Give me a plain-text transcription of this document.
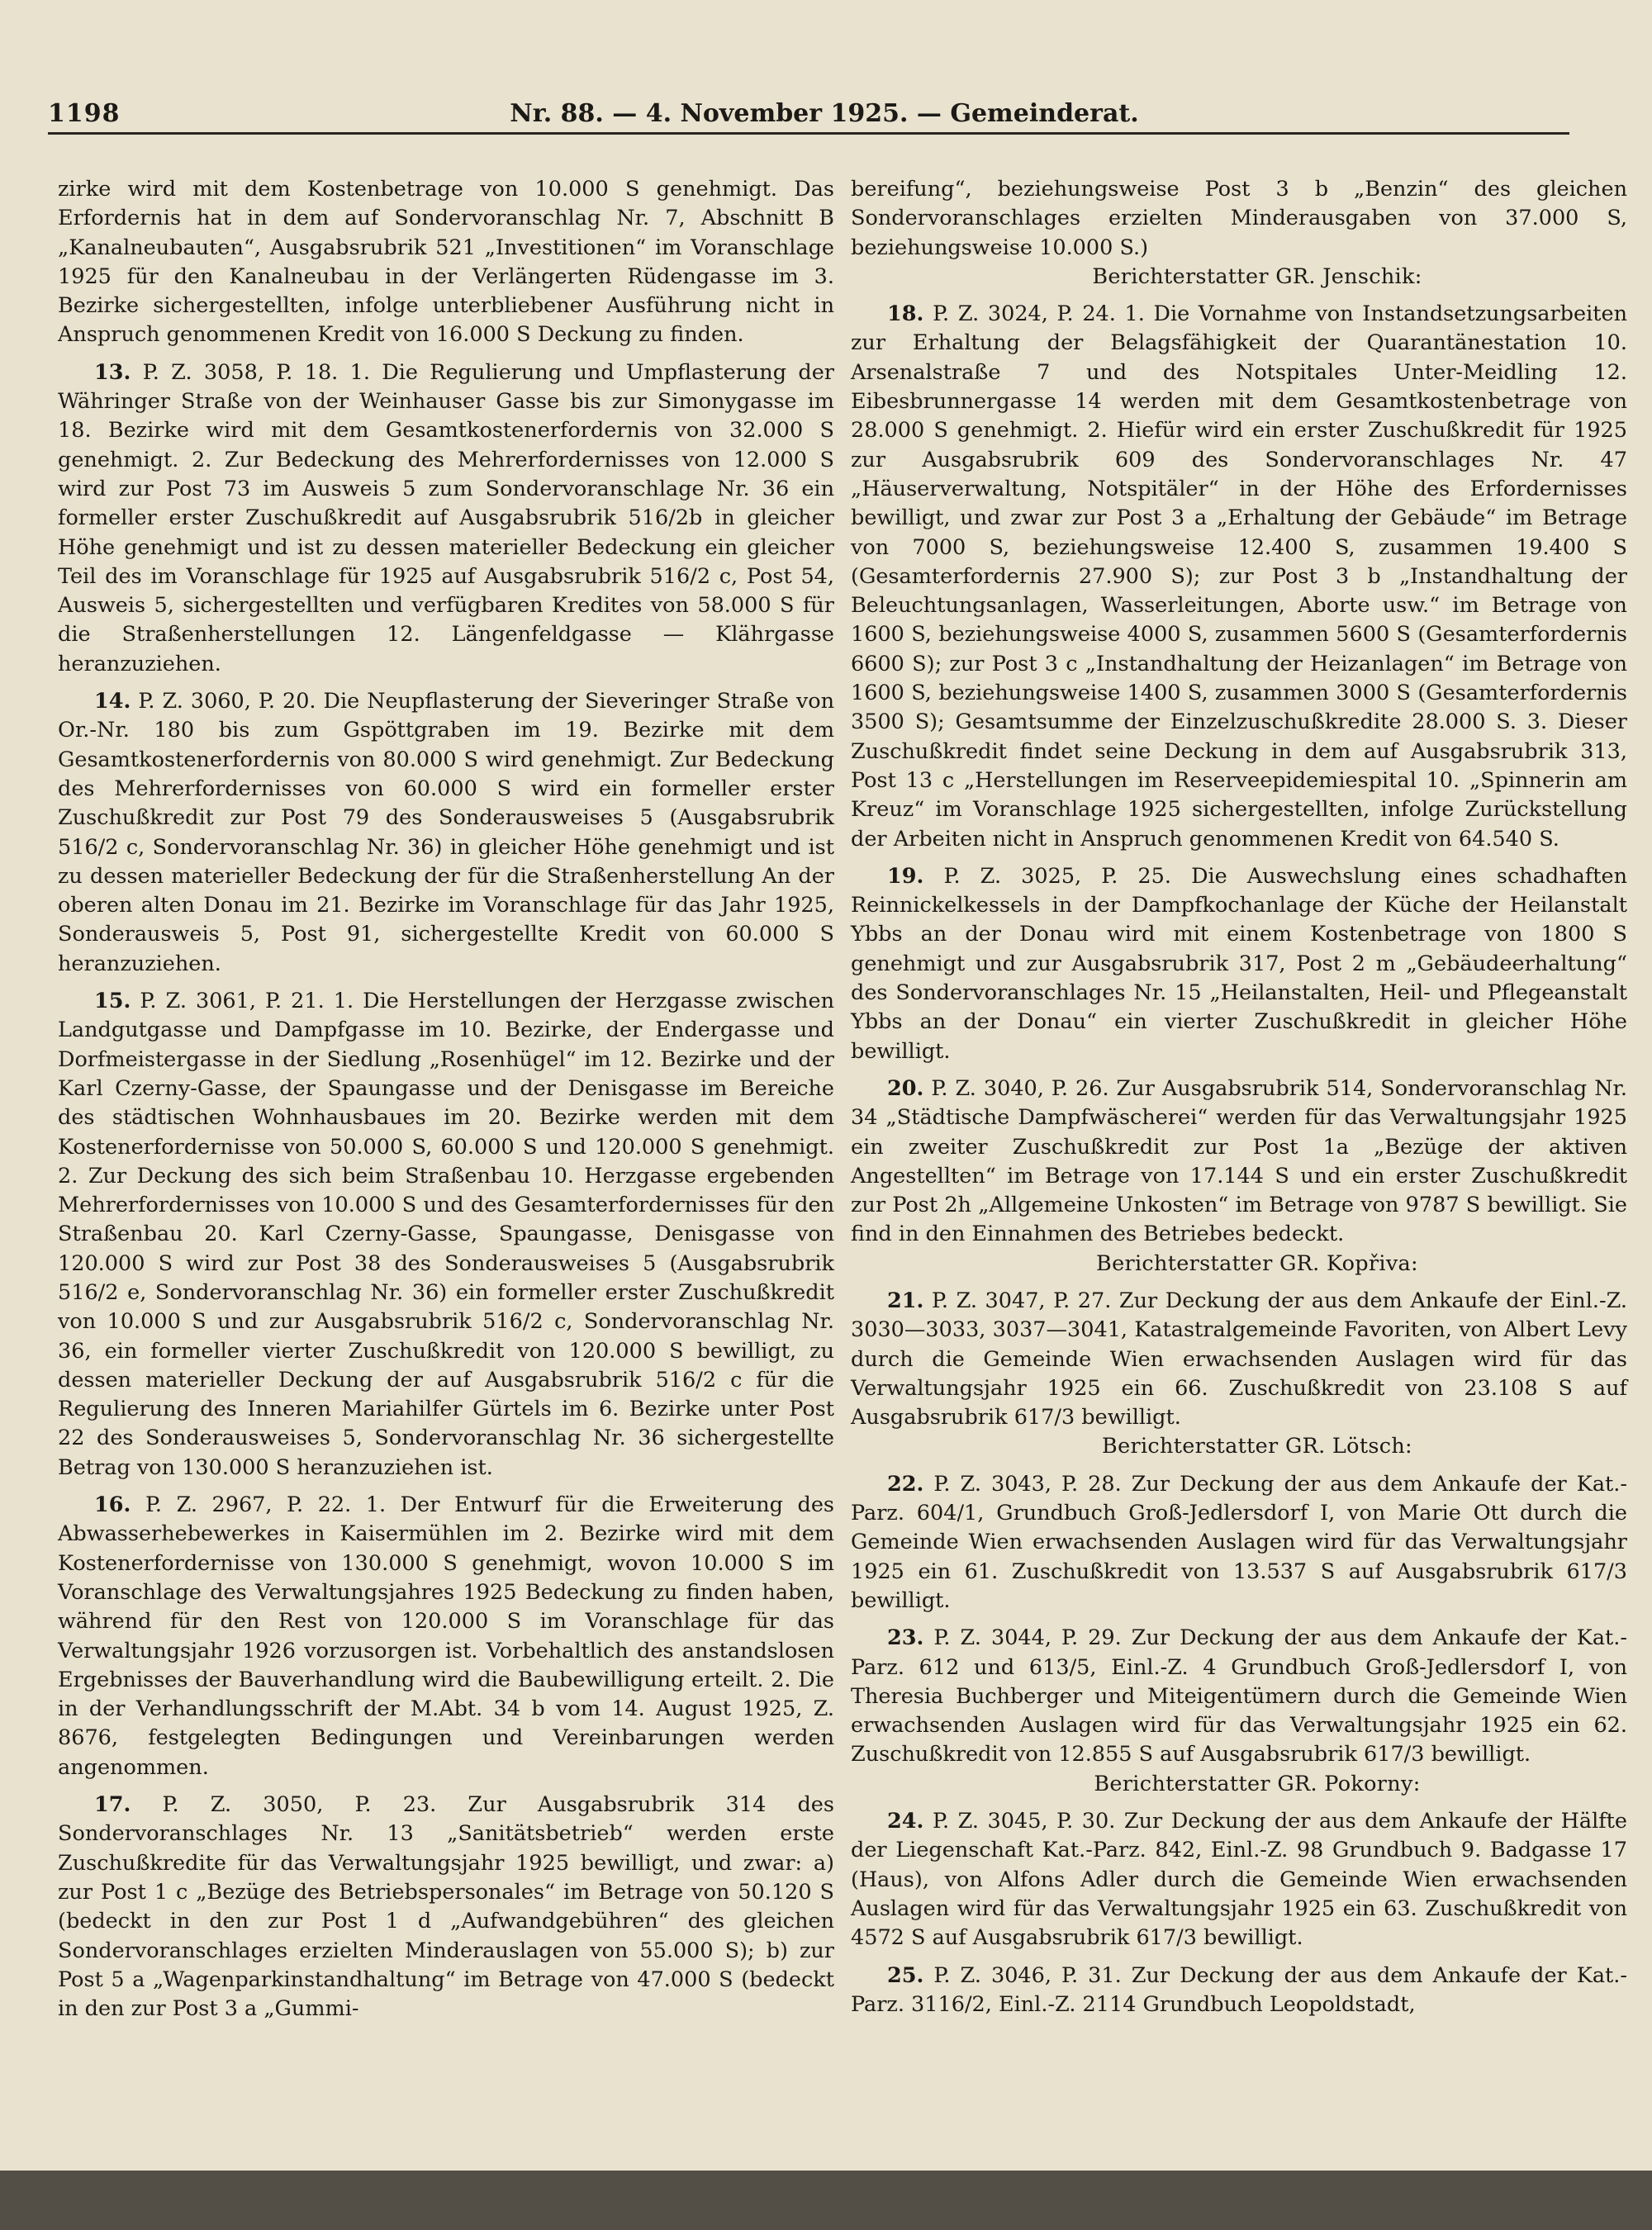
1198	Nr. 88. — 4. November 1925. — Gemeinderat.

zirke wird mit dem Kostenbetrage von 10.000 S genehmigt. Das Erfordernis hat in dem auf Sondervoranschlag Nr. 7, Abschnitt B „Kanalneubauten“, Ausgabsrubrik 521 „Investitionen“ im Voranschlage 1925 für den Kanalneubau in der Verlängerten Rüdengasse im 3. Bezirke sichergestellten, infolge unterbliebener Ausführung nicht in Anspruch genommenen Kredit von 16.000 S Deckung zu finden.

13. P. Z. 3058, P. 18. 1. Die Regulierung und Umpflasterung der Währinger Straße von der Weinhauser Gasse bis zur Simonygasse im 18. Bezirke wird mit dem Gesamtkostenerfordernis von 32.000 S genehmigt. 2. Zur Bedeckung des Mehrerfordernisses von 12.000 S wird zur Post 73 im Ausweis 5 zum Sondervoranschlage Nr. 36 ein formeller erster Zuschußkredit auf Ausgabsrubrik 516/2b in gleicher Höhe genehmigt und ist zu dessen materieller Bedeckung ein gleicher Teil des im Voranschlage für 1925 auf Ausgabsrubrik 516/2 c, Post 54, Ausweis 5, sichergestellten und verfügbaren Kredites von 58.000 S für die Straßenherstellungen 12. Längenfeldgasse — Klährgasse heranzuziehen.

14. P. Z. 3060, P. 20. Die Neupflasterung der Sieveringer Straße von Or.-Nr. 180 bis zum Gspöttgraben im 19. Bezirke mit dem Gesamtkostenerfordernis von 80.000 S wird genehmigt. Zur Bedeckung des Mehrerfordernisses von 60.000 S wird ein formeller erster Zuschußkredit zur Post 79 des Sonderausweises 5 (Ausgabsrubrik 516/2 c, Sondervoranschlag Nr. 36) in gleicher Höhe genehmigt und ist zu dessen materieller Bedeckung der für die Straßenherstellung An der oberen alten Donau im 21. Bezirke im Voranschlage für das Jahr 1925, Sonderausweis 5, Post 91, sichergestellte Kredit von 60.000 S heranzuziehen.

15. P. Z. 3061, P. 21. 1. Die Herstellungen der Herzgasse zwischen Landgutgasse und Dampfgasse im 10. Bezirke, der Endergasse und Dorfmeistergasse in der Siedlung „Rosenhügel“ im 12. Bezirke und der Karl Czerny-Gasse, der Spaungasse und der Denisgasse im Bereiche des städtischen Wohnhausbaues im 20. Bezirke werden mit dem Kostenerfordernisse von 50.000 S, 60.000 S und 120.000 S genehmigt. 2. Zur Deckung des sich beim Straßenbau 10. Herzgasse ergebenden Mehrerfordernisses von 10.000 S und des Gesamterfordernisses für den Straßenbau 20. Karl Czerny-Gasse, Spaungasse, Denisgasse von 120.000 S wird zur Post 38 des Sonderausweises 5 (Ausgabsrubrik 516/2 e, Sondervoranschlag Nr. 36) ein formeller erster Zuschußkredit von 10.000 S und zur Ausgabsrubrik 516/2 c, Sondervoranschlag Nr. 36, ein formeller vierter Zuschußkredit von 120.000 S bewilligt, zu dessen materieller Deckung der auf Ausgabsrubrik 516/2 c für die Regulierung des Inneren Mariahilfer Gürtels im 6. Bezirke unter Post 22 des Sonderausweises 5, Sondervoranschlag Nr. 36 sichergestellte Betrag von 130.000 S heranzuziehen ist.

16. P. Z. 2967, P. 22. 1. Der Entwurf für die Erweiterung des Abwasserhebewerkes in Kaisermühlen im 2. Bezirke wird mit dem Kostenerfordernisse von 130.000 S genehmigt, wovon 10.000 S im Voranschlage des Verwaltungsjahres 1925 Bedeckung zu finden haben, während für den Rest von 120.000 S im Voranschlage für das Verwaltungsjahr 1926 vorzusorgen ist. Vorbehaltlich des anstandslosen Ergebnisses der Bauverhandlung wird die Baubewilligung erteilt. 2. Die in der Verhandlungsschrift der M.Abt. 34 b vom 14. August 1925, Z. 8676, festgelegten Bedingungen und Vereinbarungen werden angenommen.

17. P. Z. 3050, P. 23. Zur Ausgabsrubrik 314 des Sondervoranschlages Nr. 13 „Sanitätsbetrieb“ werden erste Zuschußkredite für das Verwaltungsjahr 1925 bewilligt, und zwar: a) zur Post 1 c „Bezüge des Betriebspersonales“ im Betrage von 50.120 S (bedeckt in den zur Post 1 d „Aufwandgebühren“ des gleichen Sondervoranschlages erzielten Minderauslagen von 55.000 S); b) zur Post 5 a „Wagenparkinstandhaltung“ im Betrage von 47.000 S (bedeckt in den zur Post 3 a „Gummi-

bereifung“, beziehungsweise Post 3 b „Benzin“ des gleichen Sondervoranschlages erzielten Minderausgaben von 37.000 S, beziehungsweise 10.000 S.)

Berichterstatter GR. Jenschik:

18. P. Z. 3024, P. 24. 1. Die Vornahme von Instandsetzungsarbeiten zur Erhaltung der Belagsfähigkeit der Quarantänestation 10. Arsenalstraße 7 und des Notspitales Unter-Meidling 12. Eibesbrunnergasse 14 werden mit dem Gesamtkostenbetrage von 28.000 S genehmigt. 2. Hiefür wird ein erster Zuschußkredit für 1925 zur Ausgabsrubrik 609 des Sondervoranschlages Nr. 47 „Häuserverwaltung, Notspitäler“ in der Höhe des Erfordernisses bewilligt, und zwar zur Post 3 a „Erhaltung der Gebäude“ im Betrage von 7000 S, beziehungsweise 12.400 S, zusammen 19.400 S (Gesamterfordernis 27.900 S); zur Post 3 b „Instandhaltung der Beleuchtungsanlagen, Wasserleitungen, Aborte usw.“ im Betrage von 1600 S, beziehungsweise 4000 S, zusammen 5600 S (Gesamterfordernis 6600 S); zur Post 3 c „Instandhaltung der Heizanlagen“ im Betrage von 1600 S, beziehungsweise 1400 S, zusammen 3000 S (Gesamterfordernis 3500 S); Gesamtsumme der Einzelzuschußkredite 28.000 S. 3. Dieser Zuschußkredit findet seine Deckung in dem auf Ausgabsrubrik 313, Post 13 c „Herstellungen im Reserveepidemiespital 10. „Spinnerin am Kreuz“ im Voranschlage 1925 sichergestellten, infolge Zurückstellung der Arbeiten nicht in Anspruch genommenen Kredit von 64.540 S.

19. P. Z. 3025, P. 25. Die Auswechslung eines schadhaften Reinnickelkessels in der Dampfkochanlage der Küche der Heilanstalt Ybbs an der Donau wird mit einem Kostenbetrage von 1800 S genehmigt und zur Ausgabsrubrik 317, Post 2 m „Gebäudeerhaltung“ des Sondervoranschlages Nr. 15 „Heilanstalten, Heil- und Pflegeanstalt Ybbs an der Donau“ ein vierter Zuschußkredit in gleicher Höhe bewilligt.

20. P. Z. 3040, P. 26. Zur Ausgabsrubrik 514, Sondervoranschlag Nr. 34 „Städtische Dampfwäscherei“ werden für das Verwaltungsjahr 1925 ein zweiter Zuschußkredit zur Post 1a „Bezüge der aktiven Angestellten“ im Betrage von 17.144 S und ein erster Zuschußkredit zur Post 2h „Allgemeine Unkosten“ im Betrage von 9787 S bewilligt. Sie find in den Einnahmen des Betriebes bedeckt.

Berichterstatter GR. Kopřiva:

21. P. Z. 3047, P. 27. Zur Deckung der aus dem Ankaufe der Einl.-Z. 3030—3033, 3037—3041, Katastralgemeinde Favoriten, von Albert Levy durch die Gemeinde Wien erwachsenden Auslagen wird für das Verwaltungsjahr 1925 ein 66. Zuschußkredit von 23.108 S auf Ausgabsrubrik 617/3 bewilligt.

Berichterstatter GR. Lötsch:

22. P. Z. 3043, P. 28. Zur Deckung der aus dem Ankaufe der Kat.-Parz. 604/1, Grundbuch Groß-Jedlersdorf I, von Marie Ott durch die Gemeinde Wien erwachsenden Auslagen wird für das Verwaltungsjahr 1925 ein 61. Zuschußkredit von 13.537 S auf Ausgabsrubrik 617/3 bewilligt.

23. P. Z. 3044, P. 29. Zur Deckung der aus dem Ankaufe der Kat.-Parz. 612 und 613/5, Einl.-Z. 4 Grundbuch Groß-Jedlersdorf I, von Theresia Buchberger und Miteigentümern durch die Gemeinde Wien erwachsenden Auslagen wird für das Verwaltungsjahr 1925 ein 62. Zuschußkredit von 12.855 S auf Ausgabsrubrik 617/3 bewilligt.

Berichterstatter GR. Pokorny:

24. P. Z. 3045, P. 30. Zur Deckung der aus dem Ankaufe der Hälfte der Liegenschaft Kat.-Parz. 842, Einl.-Z. 98 Grundbuch 9. Badgasse 17 (Haus), von Alfons Adler durch die Gemeinde Wien erwachsenden Auslagen wird für das Verwaltungsjahr 1925 ein 63. Zuschußkredit von 4572 S auf Ausgabsrubrik 617/3 bewilligt.

25. P. Z. 3046, P. 31. Zur Deckung der aus dem Ankaufe der Kat.-Parz. 3116/2, Einl.-Z. 2114 Grundbuch Leopoldstadt,
